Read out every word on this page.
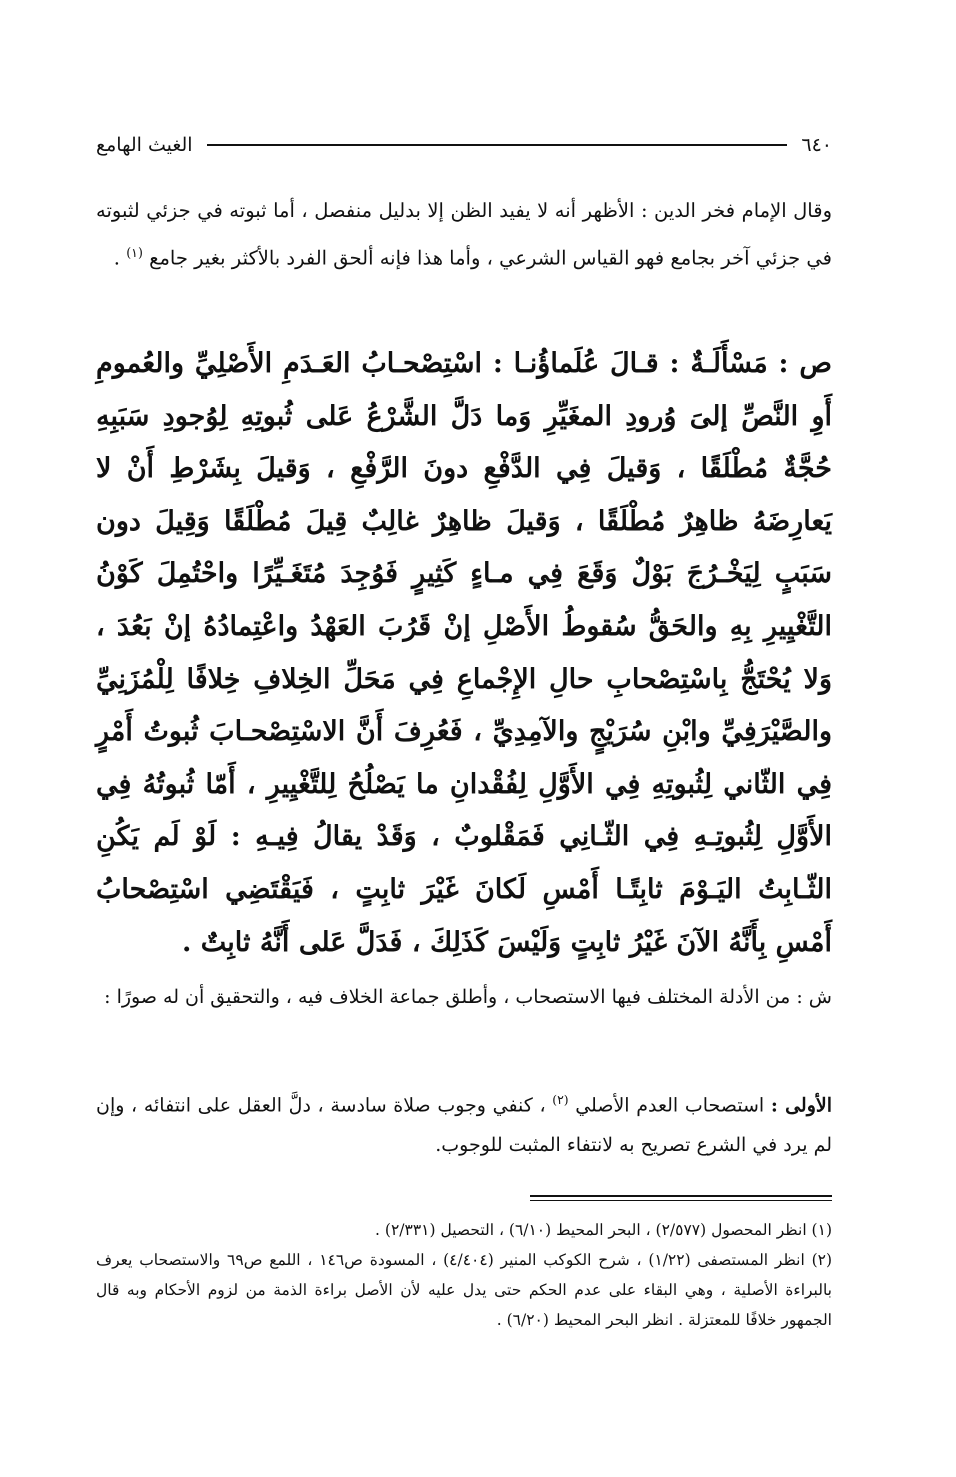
٦٤٠
الغيث الهامع

وقال الإمام فخر الدين : الأظهر أنه لا يفيد الظن إلا بدليل منفصل ، أما ثبوته في جزئي لثبوته في جزئي آخر بجامع فهو القياس الشرعي ، وأما هذا فإنه ألحق الفرد بالأكثر بغير جامع $^{(١)}$ .

ص : مَسْأَلَـةٌ : قـالَ عُلَماؤُنـا : اسْتِصْحـابُ العَـدَمِ الأَصْلِيِّ والعُمومِ أَوِ النَّصِّ إلىَ وُرودِ المغَيِّرِ وَما دَلَّ الشَّرْعُ عَلى ثُبوتِهِ لِوُجودِ سَبَبِهِ حُجَّةٌ مُطْلَقًا ، وَقيلَ فِي الدَّفْعِ دونَ الرَّفْعِ ، وَقيلَ بِشَرْطِ أَنْ لا يَعارِضَهُ ظاهِرٌ مُطْلَقًا ، وَقيلَ ظاهِرٌ غالِبٌ قِيلَ مُطْلَقًا وَقِيلَ دون سَبَبٍ لِيَخْـرُجَ بَوْلٌ وَقَعَ فِي مـاءٍ كَثِيرٍ فَوُجِدَ مُتَغَـيِّرًا واحْتُمِلَ كَوْنُ التَّغْيِيرِ بِهِ والحَقُّ سُقوطُ الأَصْلِ إنْ قَرُبَ العَهْدُ واعْتِمادُهُ إنْ بَعُدَ ، وَلا يُحْتَجُّ بِاسْتِصْحابِ حالِ الإِجْماعِ فِي مَحَلِّ الخِلافِ خِلافًا لِلْمُزَنِيِّ والصَّيْرَفِيِّ وابْنِ سُرَيْجٍ والآمِدِيِّ ، فَعُرِفَ أَنَّ الاسْتِصْحـابَ ثُبوتُ أَمْرٍ فِي الثّاني لِثُبوتِهِ فِي الأَوَّلِ لِفُقْدانِ ما يَصْلُحُ لِلتَّغْيِيرِ ، أَمّا ثُبوتُهُ فِي الأَوَّلِ لِثُبوتِـهِ فِي الثّـانِي فَمَقْلوبٌ ، وَقَدْ يقالُ فِيـهِ : لَوْ لَم يَكُنِ الثّـابِتُ اليَـوْمَ ثابِتًـا أَمْسِ لَكانَ غَيْرَ ثابِتٍ ، فَيَقْتَضِي اسْتِصْحابُ أَمْسِ بِأَنَّهُ الآنَ غَيْرُ ثابِتٍ وَلَيْسَ كَذَلِكَ ، فَدَلَّ عَلى أَنَّهُ ثابِتٌ .

ش : من الأدلة المختلف فيها الاستصحاب ، وأطلق جماعة الخلاف فيه ، والتحقيق أن له صورًا :

الأولى : استصحاب العدم الأصلي $^{(٢)}$ ، كنفي وجوب صلاة سادسة ، دلَّ العقل على انتفائه ، وإن لم يرد في الشرع تصريح به لانتفاء المثبت للوجوب.

(١) انظر المحصول (٢/٥٧٧) ، البحر المحيط (٦/١٠) ، التحصيل (٢/٣٣١) .
(٢) انظر المستصفى (١/٢٢) ، شرح الكوكب المنير (٤/٤٠٤) ، المسودة ص١٤٦ ، اللمع ص٦٩ والاستصحاب يعرف بالبراءة الأصلية ، وهي البقاء على عدم الحكم حتى يدل عليه لأن الأصل براءة الذمة من لزوم الأحكام وبه قال الجمهور خلافًا للمعتزلة . انظر البحر المحيط (٦/٢٠) .
